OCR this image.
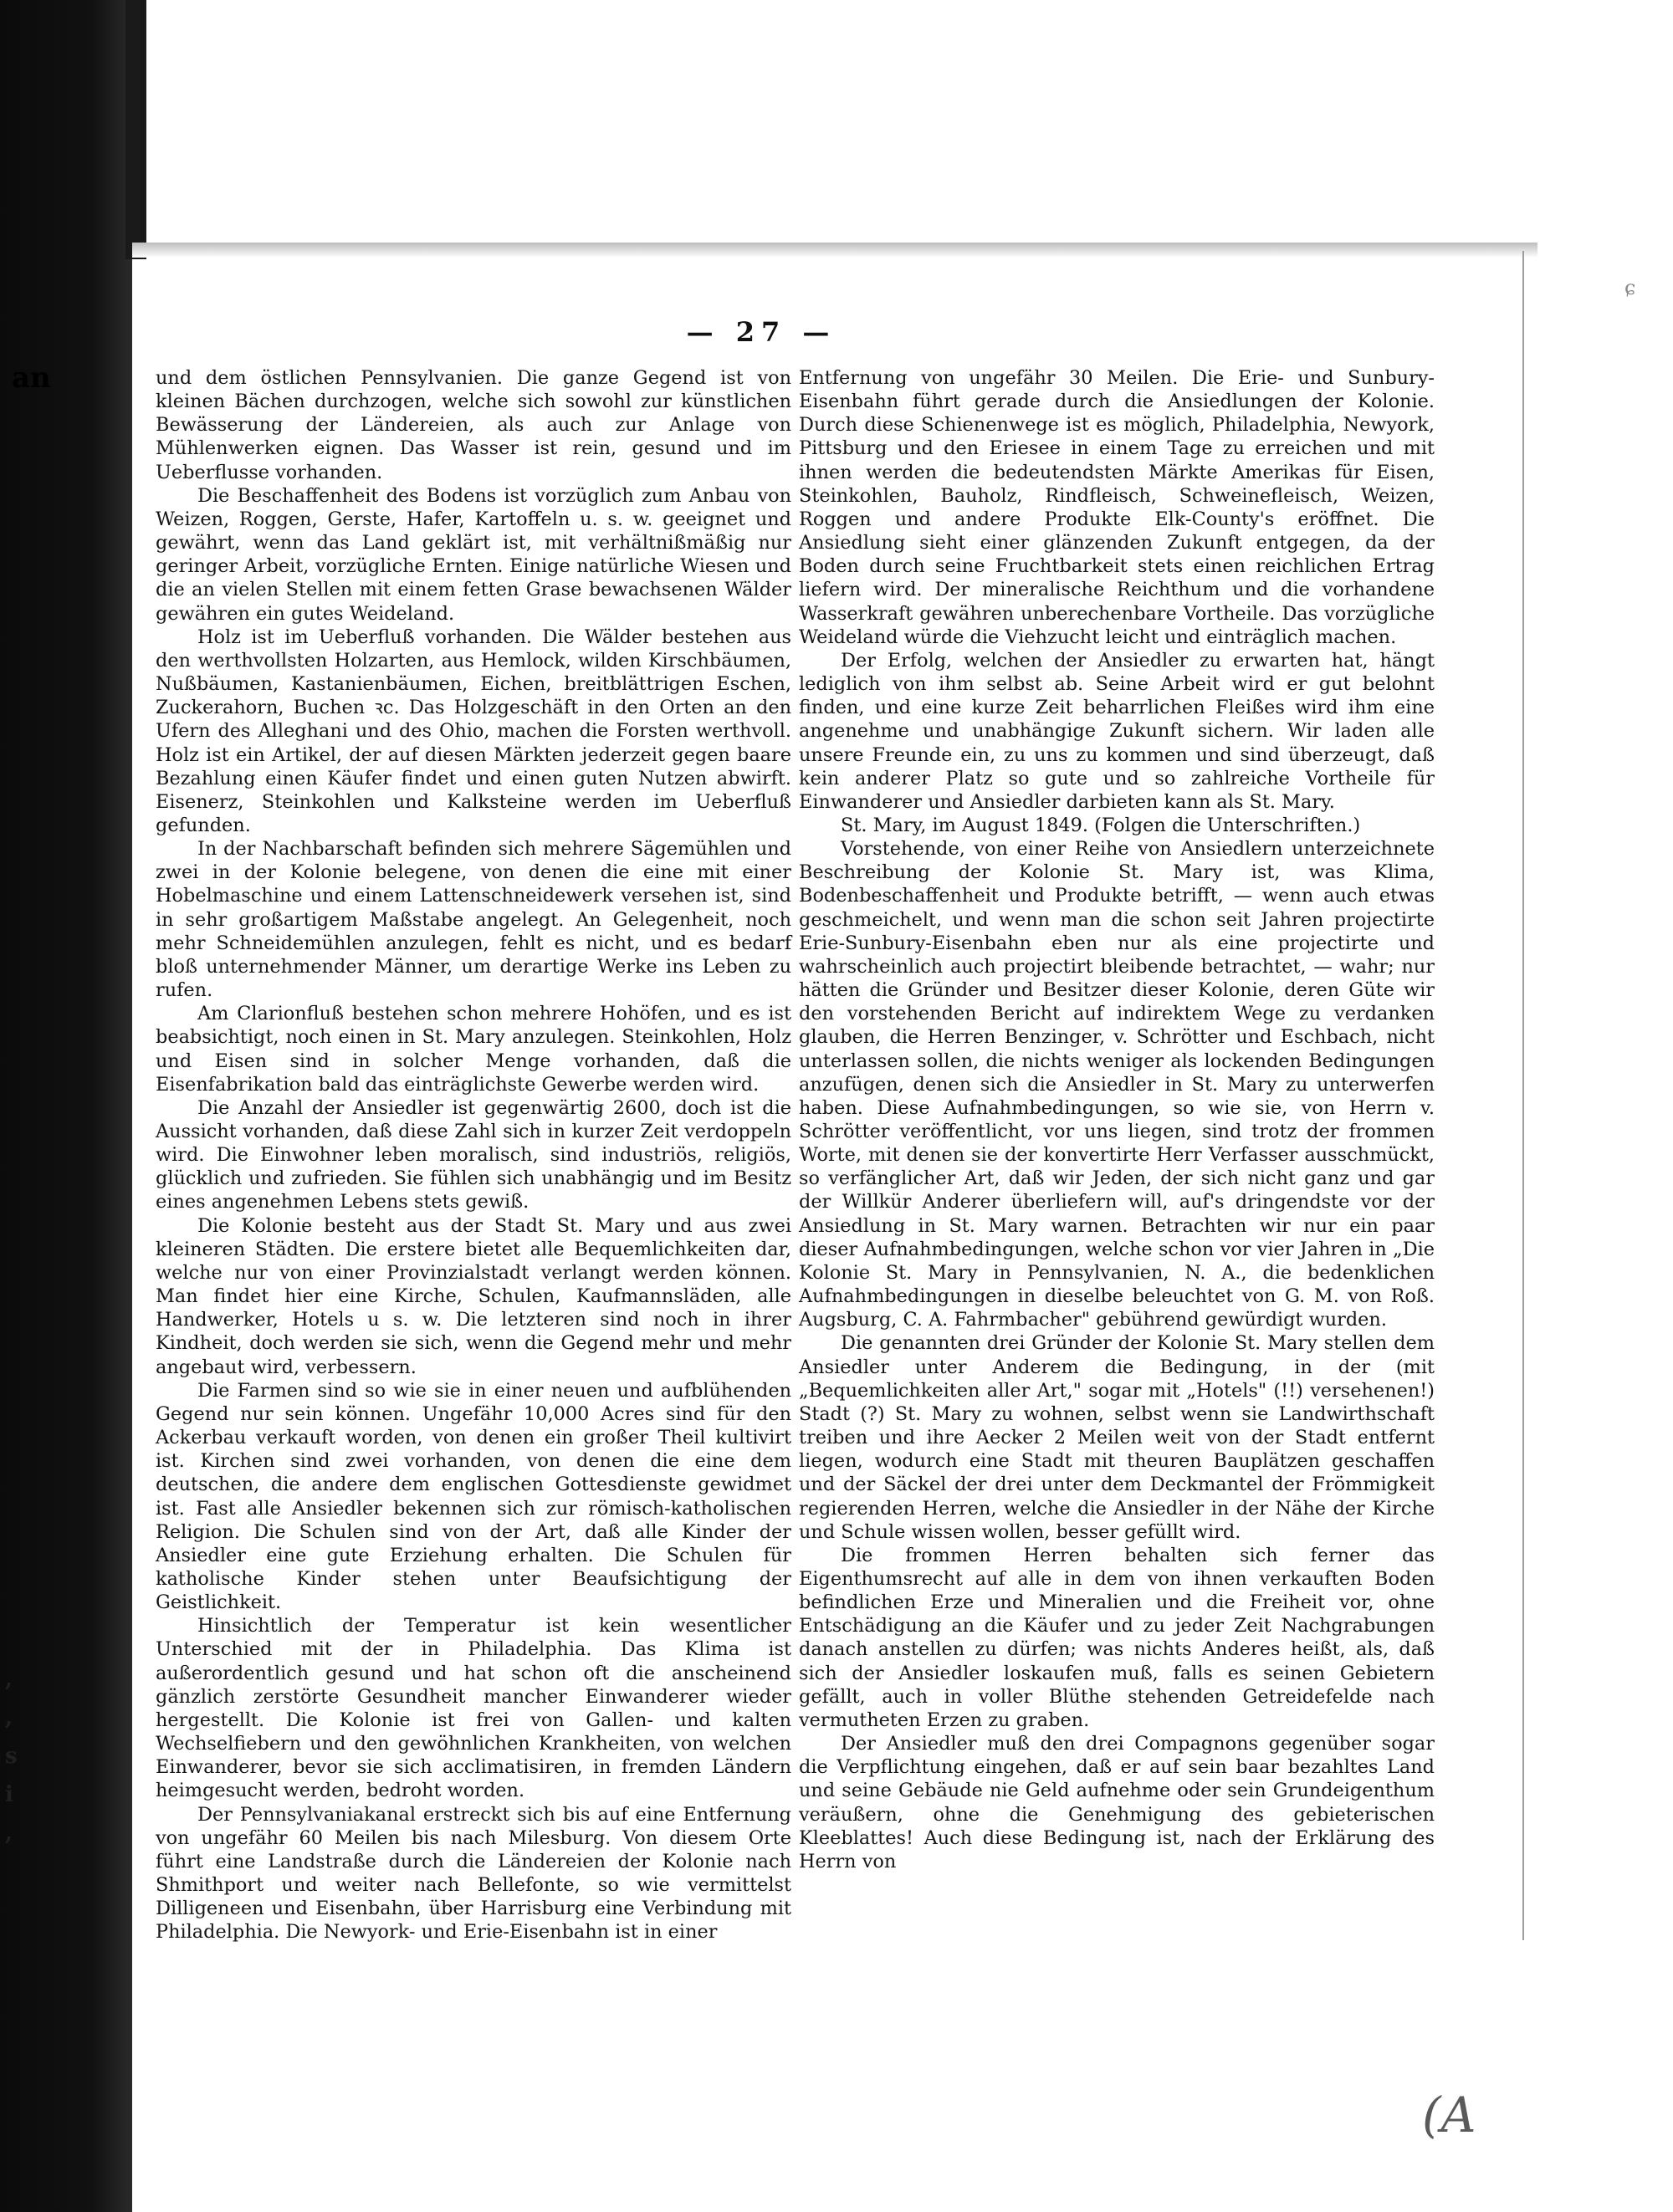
an
, , s i ,
ɕ
— 27 —

und dem östlichen Pennsylvanien. Die ganze Gegend ist von kleinen Bächen durchzogen, welche sich sowohl zur künstlichen Bewässerung der Ländereien, als auch zur Anlage von Mühlenwerken eignen. Das Wasser ist rein, gesund und im Ueberflusse vorhanden.

Die Beschaffenheit des Bodens ist vorzüglich zum Anbau von Weizen, Roggen, Gerste, Hafer, Kartoffeln u. s. w. geeignet und gewährt, wenn das Land geklärt ist, mit verhältnißmäßig nur geringer Arbeit, vorzügliche Ernten. Einige natürliche Wiesen und die an vielen Stellen mit einem fetten Grase bewachsenen Wälder gewähren ein gutes Weideland.

Holz ist im Ueberfluß vorhanden. Die Wälder bestehen aus den werthvollsten Holzarten, aus Hemlock, wilden Kirschbäumen, Nußbäumen, Kastanienbäumen, Eichen, breitblättrigen Eschen, Zuckerahorn, Buchen ꝛc. Das Holzgeschäft in den Orten an den Ufern des Alleghani und des Ohio, machen die Forsten werthvoll. Holz ist ein Artikel, der auf diesen Märkten jederzeit gegen baare Bezahlung einen Käufer findet und einen guten Nutzen abwirft. Eisenerz, Steinkohlen und Kalksteine werden im Ueberfluß gefunden.

In der Nachbarschaft befinden sich mehrere Sägemühlen und zwei in der Kolonie belegene, von denen die eine mit einer Hobelmaschine und einem Lattenschneidewerk versehen ist, sind in sehr großartigem Maßstabe angelegt. An Gelegenheit, noch mehr Schneidemühlen anzulegen, fehlt es nicht, und es bedarf bloß unternehmender Männer, um derartige Werke ins Leben zu rufen.

Am Clarionfluß bestehen schon mehrere Hohöfen, und es ist beabsichtigt, noch einen in St. Mary anzulegen. Steinkohlen, Holz und Eisen sind in solcher Menge vorhanden, daß die Eisenfabrikation bald das einträglichste Gewerbe werden wird.

Die Anzahl der Ansiedler ist gegenwärtig 2600, doch ist die Aussicht vorhanden, daß diese Zahl sich in kurzer Zeit verdoppeln wird. Die Einwohner leben moralisch, sind industriös, religiös, glücklich und zufrieden. Sie fühlen sich unabhängig und im Besitz eines angenehmen Lebens stets gewiß.

Die Kolonie besteht aus der Stadt St. Mary und aus zwei kleineren Städten. Die erstere bietet alle Bequemlichkeiten dar, welche nur von einer Provinzialstadt verlangt werden können. Man findet hier eine Kirche, Schulen, Kaufmannsläden, alle Handwerker, Hotels u s. w. Die letzteren sind noch in ihrer Kindheit, doch werden sie sich, wenn die Gegend mehr und mehr angebaut wird, verbessern.

Die Farmen sind so wie sie in einer neuen und aufblühenden Gegend nur sein können. Ungefähr 10,000 Acres sind für den Ackerbau verkauft worden, von denen ein großer Theil kultivirt ist. Kirchen sind zwei vorhanden, von denen die eine dem deutschen, die andere dem englischen Gottesdienste gewidmet ist. Fast alle Ansiedler bekennen sich zur römisch-katholischen Religion. Die Schulen sind von der Art, daß alle Kinder der Ansiedler eine gute Erziehung erhalten. Die Schulen für katholische Kinder stehen unter Beaufsichtigung der Geistlichkeit.

Hinsichtlich der Temperatur ist kein wesentlicher Unterschied mit der in Philadelphia. Das Klima ist außerordentlich gesund und hat schon oft die anscheinend gänzlich zerstörte Gesundheit mancher Einwanderer wieder hergestellt. Die Kolonie ist frei von Gallen- und kalten Wechselfiebern und den gewöhnlichen Krankheiten, von welchen Einwanderer, bevor sie sich acclimatisiren, in fremden Ländern heimgesucht werden, bedroht worden.

Der Pennsylvaniakanal erstreckt sich bis auf eine Entfernung von ungefähr 60 Meilen bis nach Milesburg. Von diesem Orte führt eine Landstraße durch die Ländereien der Kolonie nach Shmithport und weiter nach Bellefonte, so wie vermittelst Dilligeneen und Eisenbahn, über Harrisburg eine Verbindung mit Philadelphia. Die Newyork- und Erie-Eisenbahn ist in einer

Entfernung von ungefähr 30 Meilen. Die Erie- und Sunbury-Eisenbahn führt gerade durch die Ansiedlungen der Kolonie. Durch diese Schienenwege ist es möglich, Philadelphia, Newyork, Pittsburg und den Eriesee in einem Tage zu erreichen und mit ihnen werden die bedeutendsten Märkte Amerikas für Eisen, Steinkohlen, Bauholz, Rindfleisch, Schweinefleisch, Weizen, Roggen und andere Produkte Elk-County's eröffnet. Die Ansiedlung sieht einer glänzenden Zukunft entgegen, da der Boden durch seine Fruchtbarkeit stets einen reichlichen Ertrag liefern wird. Der mineralische Reichthum und die vorhandene Wasserkraft gewähren unberechenbare Vortheile. Das vorzügliche Weideland würde die Viehzucht leicht und einträglich machen.

Der Erfolg, welchen der Ansiedler zu erwarten hat, hängt lediglich von ihm selbst ab. Seine Arbeit wird er gut belohnt finden, und eine kurze Zeit beharrlichen Fleißes wird ihm eine angenehme und unabhängige Zukunft sichern. Wir laden alle unsere Freunde ein, zu uns zu kommen und sind überzeugt, daß kein anderer Platz so gute und so zahlreiche Vortheile für Einwanderer und Ansiedler darbieten kann als St. Mary.

St. Mary, im August 1849. (Folgen die Unterschriften.)

Vorstehende, von einer Reihe von Ansiedlern unterzeichnete Beschreibung der Kolonie St. Mary ist, was Klima, Bodenbeschaffenheit und Produkte betrifft, — wenn auch etwas geschmeichelt, und wenn man die schon seit Jahren projectirte Erie-Sunbury-Eisenbahn eben nur als eine projectirte und wahrscheinlich auch projectirt bleibende betrachtet, — wahr; nur hätten die Gründer und Besitzer dieser Kolonie, deren Güte wir den vorstehenden Bericht auf indirektem Wege zu verdanken glauben, die Herren Benzinger, v. Schrötter und Eschbach, nicht unterlassen sollen, die nichts weniger als lockenden Bedingungen anzufügen, denen sich die Ansiedler in St. Mary zu unterwerfen haben. Diese Aufnahmbedingungen, so wie sie, von Herrn v. Schrötter veröffentlicht, vor uns liegen, sind trotz der frommen Worte, mit denen sie der konvertirte Herr Verfasser ausschmückt, so verfänglicher Art, daß wir Jeden, der sich nicht ganz und gar der Willkür Anderer überliefern will, auf's dringendste vor der Ansiedlung in St. Mary warnen. Betrachten wir nur ein paar dieser Aufnahmbedingungen, welche schon vor vier Jahren in „Die Kolonie St. Mary in Pennsylvanien, N. A., die bedenklichen Aufnahmbedingungen in dieselbe beleuchtet von G. M. von Roß. Augsburg, C. A. Fahrmbacher" gebührend gewürdigt wurden.

Die genannten drei Gründer der Kolonie St. Mary stellen dem Ansiedler unter Anderem die Bedingung, in der (mit „Bequemlichkeiten aller Art," sogar mit „Hotels" (!!) versehenen!) Stadt (?) St. Mary zu wohnen, selbst wenn sie Landwirthschaft treiben und ihre Aecker 2 Meilen weit von der Stadt entfernt liegen, wodurch eine Stadt mit theuren Bauplätzen geschaffen und der Säckel der drei unter dem Deckmantel der Frömmigkeit regierenden Herren, welche die Ansiedler in der Nähe der Kirche und Schule wissen wollen, besser gefüllt wird.

Die frommen Herren behalten sich ferner das Eigenthumsrecht auf alle in dem von ihnen verkauften Boden befindlichen Erze und Mineralien und die Freiheit vor, ohne Entschädigung an die Käufer und zu jeder Zeit Nachgrabungen danach anstellen zu dürfen; was nichts Anderes heißt, als, daß sich der Ansiedler loskaufen muß, falls es seinen Gebietern gefällt, auch in voller Blüthe stehenden Getreidefelde nach vermutheten Erzen zu graben.

Der Ansiedler muß den drei Compagnons gegenüber sogar die Verpflichtung eingehen, daß er auf sein baar bezahltes Land und seine Gebäude nie Geld aufnehme oder sein Grundeigenthum veräußern, ohne die Genehmigung des gebieterischen Kleeblattes! Auch diese Bedingung ist, nach der Erklärung des Herrn von

(A
